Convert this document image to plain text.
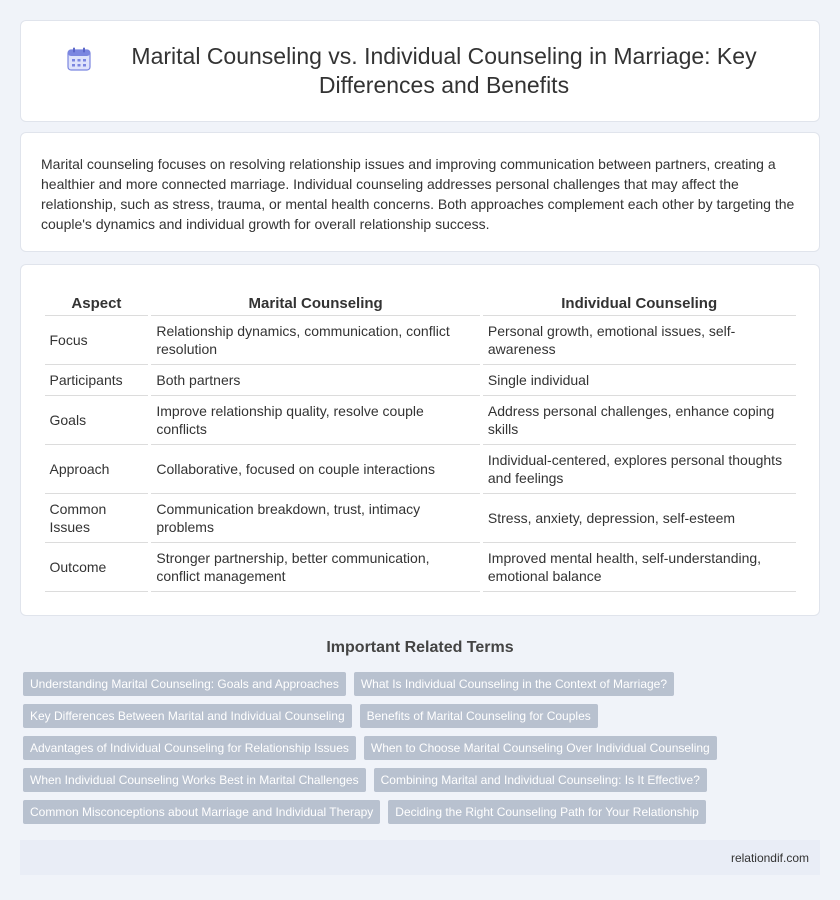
Marital Counseling vs. Individual Counseling in Marriage: Key Differences and Benefits

Marital counseling focuses on resolving relationship issues and improving communication between partners, creating a healthier and more connected marriage. Individual counseling addresses personal challenges that may affect the relationship, such as stress, trauma, or mental health concerns. Both approaches complement each other by targeting the couple's dynamics and individual growth for overall relationship success.

Aspect	Marital Counseling	Individual Counseling
Focus	Relationship dynamics, communication, conflict resolution	Personal growth, emotional issues, self-awareness
Participants	Both partners	Single individual
Goals	Improve relationship quality, resolve couple conflicts	Address personal challenges, enhance coping skills
Approach	Collaborative, focused on couple interactions	Individual-centered, explores personal thoughts and feelings
Common Issues	Communication breakdown, trust, intimacy problems	Stress, anxiety, depression, self-esteem
Outcome	Stronger partnership, better communication, conflict management	Improved mental health, self-understanding, emotional balance
Important Related Terms
Understanding Marital Counseling: Goals and Approaches	What Is Individual Counseling in the Context of Marriage?
Key Differences Between Marital and Individual Counseling	Benefits of Marital Counseling for Couples
Advantages of Individual Counseling for Relationship Issues	When to Choose Marital Counseling Over Individual Counseling
When Individual Counseling Works Best in Marital Challenges	Combining Marital and Individual Counseling: Is It Effective?
Common Misconceptions about Marriage and Individual Therapy	Deciding the Right Counseling Path for Your Relationship
relationdif.com
